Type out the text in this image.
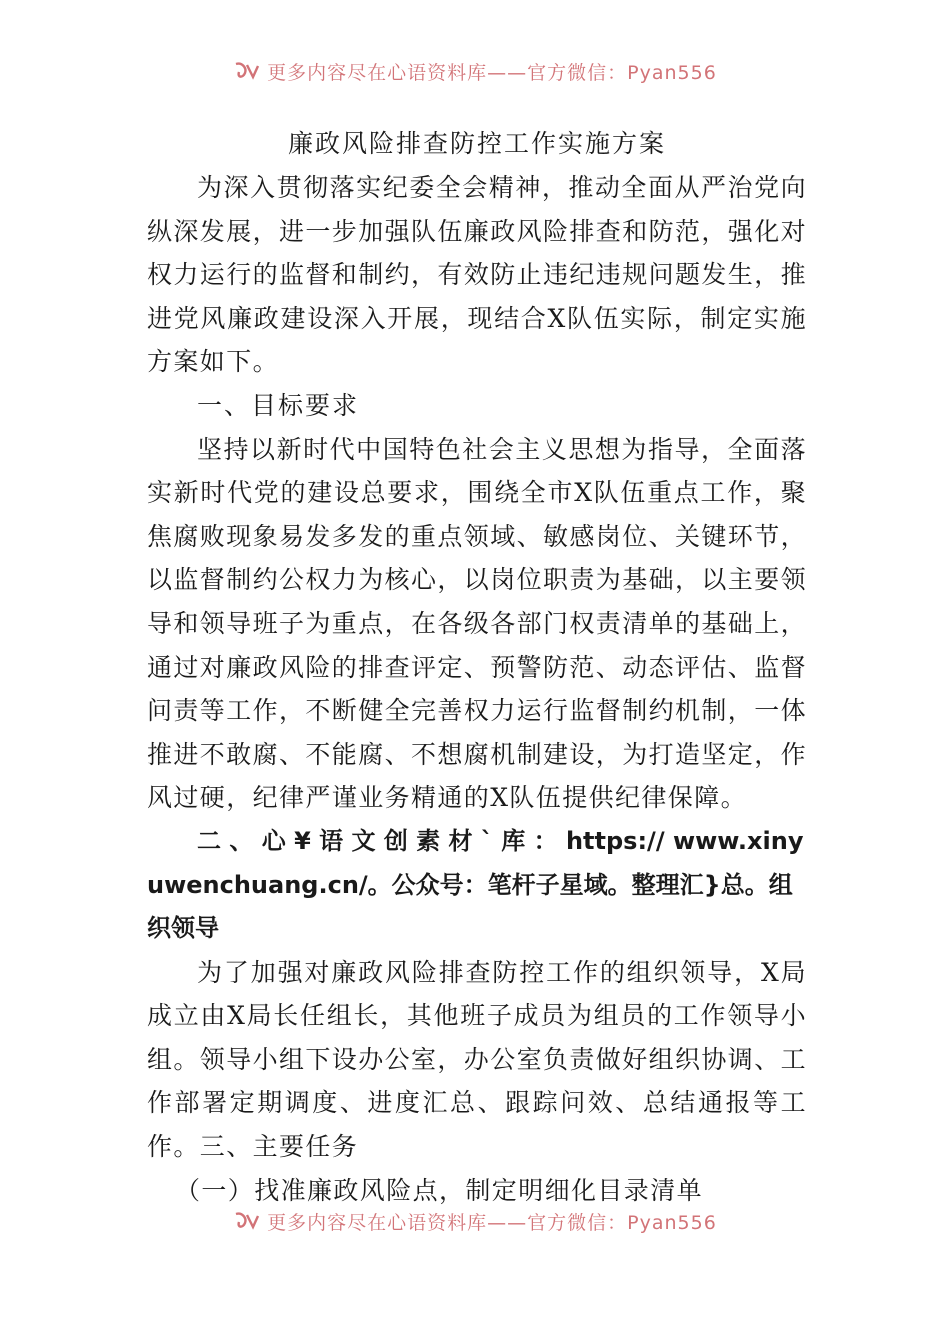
更多内容尽在心语资料库——官方微信：Pyan556
廉政风险排查防控工作实施方案

为深入贯彻落实纪委全会精神，推动全面从严治党向纵深发展，进一步加强队伍廉政风险排查和防范，强化对权力运行的监督和制约，有效防止违纪违规问题发生，推进党风廉政建设深入开展，现结合X队伍实际，制定实施方案如下。

一、目标要求

坚持以新时代中国特色社会主义思想为指导，全面落实新时代党的建设总要求，围绕全市X队伍重点工作，聚焦腐败现象易发多发的重点领域、敏感岗位、关键环节，以监督制约公权力为核心，以岗位职责为基础，以主要领导和领导班子为重点，在各级各部门权责清单的基础上，通过对廉政风险的排查评定、预警防范、动态评估、监督问责等工作，不断健全完善权力运行监督制约机制，一体推进不敢腐、不能腐、不想腐机制建设，为打造坚定，作风过硬，纪律严谨业务精通的X队伍提供纪律保障。

二 、 心 ¥ 语 文 创 素 材 ` 库 ： https:// www.xinyuwenchuang.cn/。公众号：笔杆子星域。整理汇}总。组织领导

为了加强对廉政风险排查防控工作的组织领导，X局成立由X局长任组长，其他班子成员为组员的工作领导小组。领导小组下设办公室，办公室负责做好组织协调、工作部署定期调度、进度汇总、跟踪问效、总结通报等工作。三、主要任务

（一）找准廉政风险点，制定明细化目录清单

更多内容尽在心语资料库——官方微信：Pyan556
